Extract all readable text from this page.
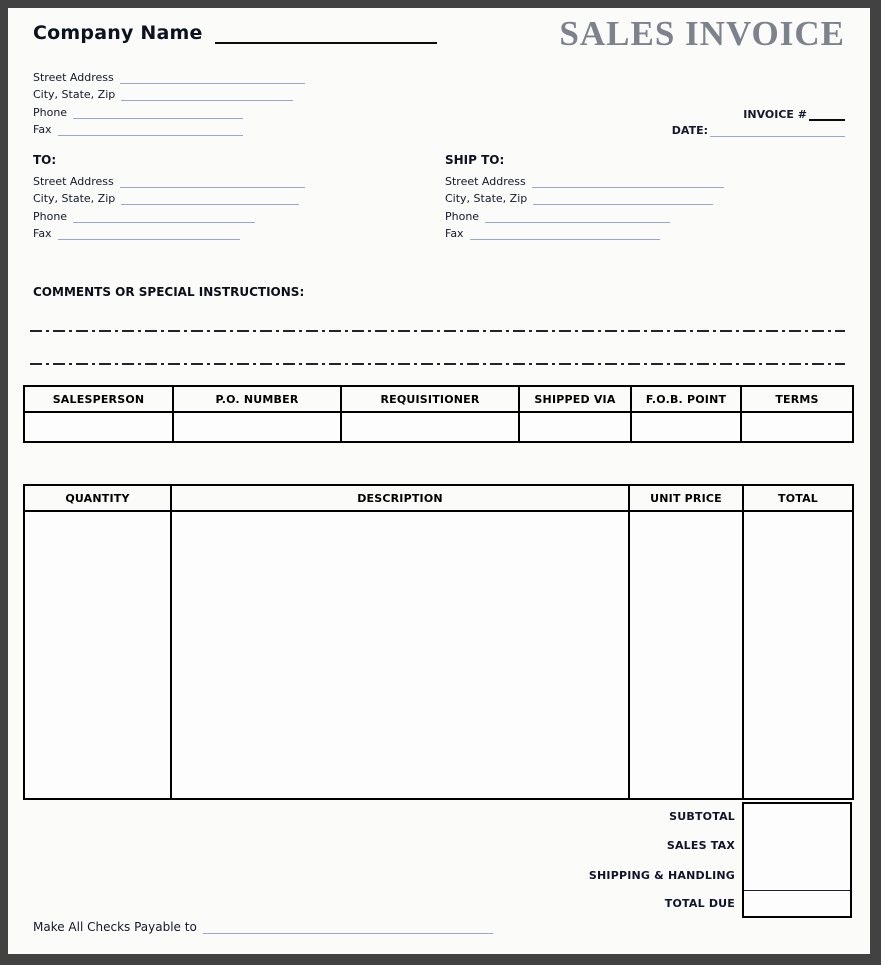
Company Name	SALES INVOICE
Street Address
City, State, Zip
Phone
Fax
INVOICE #
DATE:
TO:
Street Address
City, State, Zip
Phone
Fax
SHIP TO:
Street Address
City, State, Zip
Phone
Fax
COMMENTS OR SPECIAL INSTRUCTIONS:
SALESPERSON	P.O. NUMBER	REQUISITIONER	SHIPPED VIA	F.O.B. POINT	TERMS

QUANTITY	DESCRIPTION	UNIT PRICE	TOTAL

SUBTOTAL
SALES TAX
SHIPPING & HANDLING
TOTAL DUE
Make All Checks Payable to
